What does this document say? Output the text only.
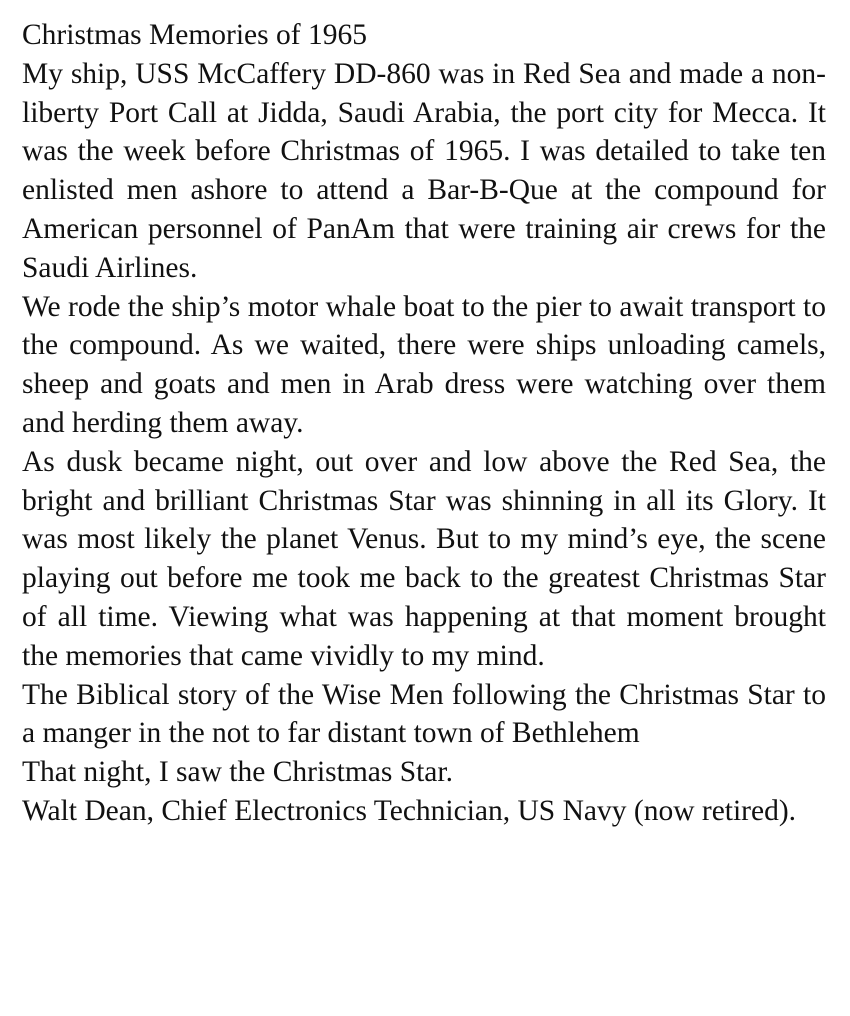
Christmas Memories of 1965

My ship, USS McCaffery DD-860 was in Red Sea and made a non-liberty Port Call at Jidda, Saudi Arabia, the port city for Mecca. It was the week before Christmas of 1965. I was detailed to take ten enlisted men ashore to attend a Bar-B-Que at the compound for American personnel of PanAm that were training air crews for the Saudi Airlines.

We rode the ship’s motor whale boat to the pier to await transport to the compound. As we waited, there were ships unloading camels, sheep and goats and men in Arab dress were watching over them and herding them away.

As dusk became night, out over and low above the Red Sea, the bright and brilliant Christmas Star was shinning in all its Glory. It was most likely the planet Venus. But to my mind’s eye, the scene playing out before me took me back to the greatest Christmas Star of all time. Viewing what was happening at that moment brought the memories that came vividly to my mind.

The Biblical story of the Wise Men following the Christmas Star to a manger in the not to far distant town of Bethlehem

That night, I saw the Christmas Star.

Walt Dean, Chief Electronics Technician, US Navy (now retired).
